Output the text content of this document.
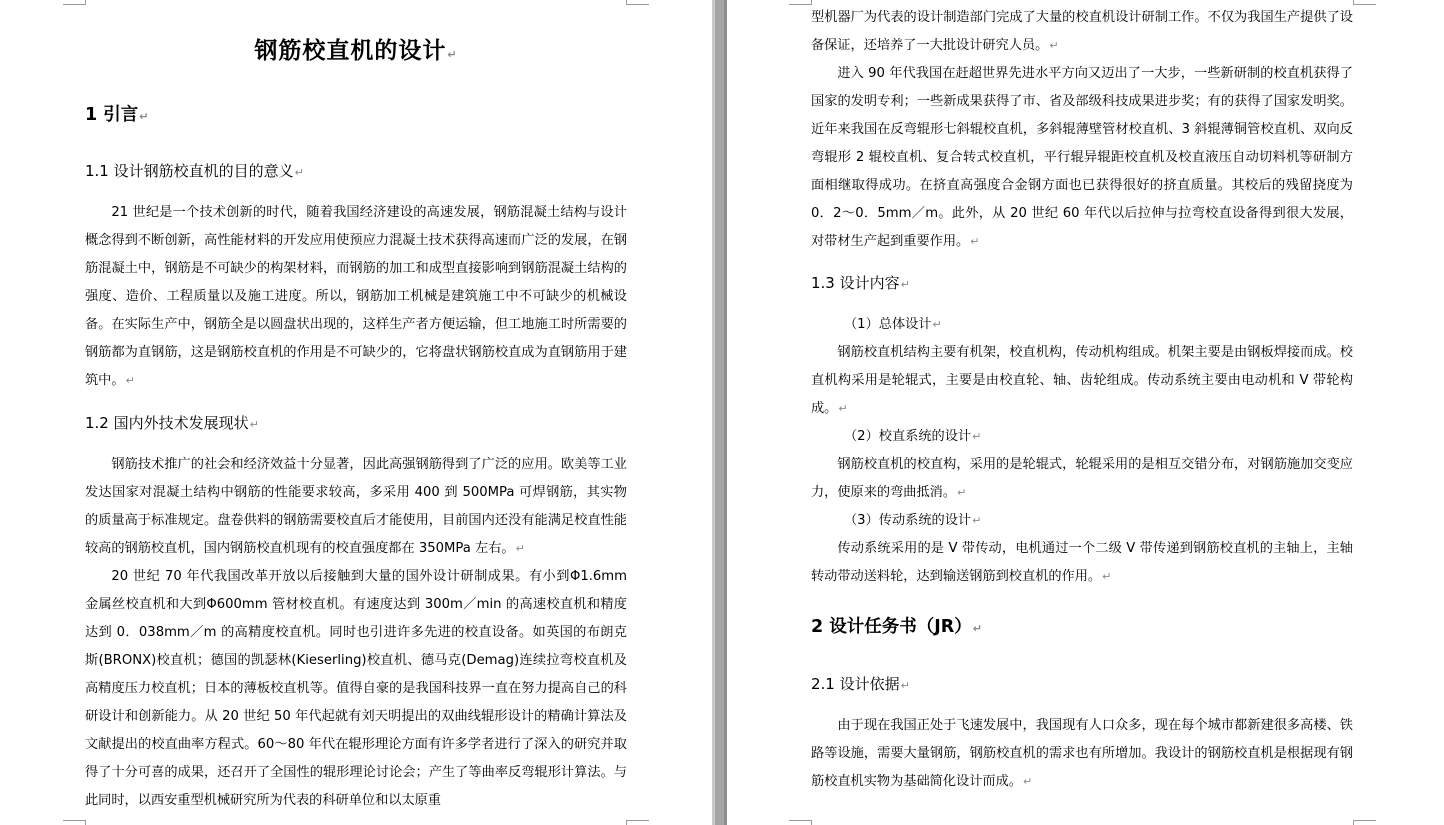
钢筋校直机的设计↵
1 引言↵
1.1 设计钢筋校直机的目的意义↵
21 世纪是一个技术创新的时代，随着我国经济建设的高速发展，钢筋混凝土结构与设计概念得到不断创新，高性能材料的开发应用使预应力混凝土技术获得高速而广泛的发展，在钢筋混凝土中，钢筋是不可缺少的构架材料，而钢筋的加工和成型直接影响到钢筋混凝土结构的强度、造价、工程质量以及施工进度。所以，钢筋加工机械是建筑施工中不可缺少的机械设备。在实际生产中，钢筋全是以圆盘状出现的，这样生产者方便运输，但工地施工时所需要的钢筋都为直钢筋，这是钢筋校直机的作用是不可缺少的，它将盘状钢筋校直成为直钢筋用于建筑中。↵
1.2 国内外技术发展现状↵
钢筋技术推广的社会和经济效益十分显著，因此高强钢筋得到了广泛的应用。欧美等工业发达国家对混凝土结构中钢筋的性能要求较高，多采用 400 到 500MPa 可焊钢筋，其实物的质量高于标准规定。盘卷供料的钢筋需要校直后才能使用，目前国内还没有能满足校直性能较高的钢筋校直机，国内钢筋校直机现有的校直强度都在 350MPa 左右。↵
20 世纪 70 年代我国改革开放以后接触到大量的国外设计研制成果。有小到Φ1.6mm 金属丝校直机和大到Φ600mm 管材校直机。有速度达到 300m／min 的高速校直机和精度达到 0．038mm／m 的高精度校直机。同时也引进许多先进的校直设备。如英国的布朗克斯(BRONX)校直机；德国的凯瑟林(Kieserling)校直机、德马克(Demag)连续拉弯校直机及高精度压力校直机；日本的薄板校直机等。值得自豪的是我国科技界一直在努力提高自己的科研设计和创新能力。从 20 世纪 50 年代起就有刘天明提出的双曲线辊形设计的精确计算法及文献提出的校直曲率方程式。60～80 年代在辊形理论方面有许多学者进行了深入的研究并取得了十分可喜的成果，还召开了全国性的辊形理论讨论会；产生了等曲率反弯辊形计算法。与此同时，以西安重型机械研究所为代表的科研单位和以太原重
型机器厂为代表的设计制造部门完成了大量的校直机设计研制工作。不仅为我国生产提供了设备保证，还培养了一大批设计研究人员。↵
进入 90 年代我国在赶超世界先进水平方向又迈出了一大步，一些新研制的校直机获得了国家的发明专利；一些新成果获得了市、省及部级科技成果进步奖；有的获得了国家发明奖。近年来我国在反弯辊形七斜辊校直机，多斜辊薄壁管材校直机、3 斜辊薄铜管校直机、双向反弯辊形 2 辊校直机、复合转式校直机，平行辊异辊距校直机及校直液压自动切料机等研制方面相继取得成功。在挤直高强度合金钢方面也已获得很好的挤直质量。其校后的残留挠度为 0．2～0．5mm／m。此外，从 20 世纪 60 年代以后拉伸与拉弯校直设备得到很大发展，对带材生产起到重要作用。↵
1.3 设计内容↵
（1）总体设计↵
钢筋校直机结构主要有机架，校直机构，传动机构组成。机架主要是由钢板焊接而成。校直机构采用是轮辊式，主要是由校直轮、轴、齿轮组成。传动系统主要由电动机和 V 带轮构成。↵
（2）校直系统的设计↵
钢筋校直机的校直构，采用的是轮辊式，轮辊采用的是相互交错分布，对钢筋施加交变应力，使原来的弯曲抵消。↵
（3）传动系统的设计↵
传动系统采用的是 V 带传动，电机通过一个二级 V 带传递到钢筋校直机的主轴上，主轴转动带动送料轮，达到输送钢筋到校直机的作用。↵
2 设计任务书（JR）↵
2.1 设计依据↵
由于现在我国正处于飞速发展中，我国现有人口众多，现在每个城市都新建很多高楼、铁路等设施，需要大量钢筋，钢筋校直机的需求也有所增加。我设计的钢筋校直机是根据现有钢筋校直机实物为基础简化设计而成。↵
